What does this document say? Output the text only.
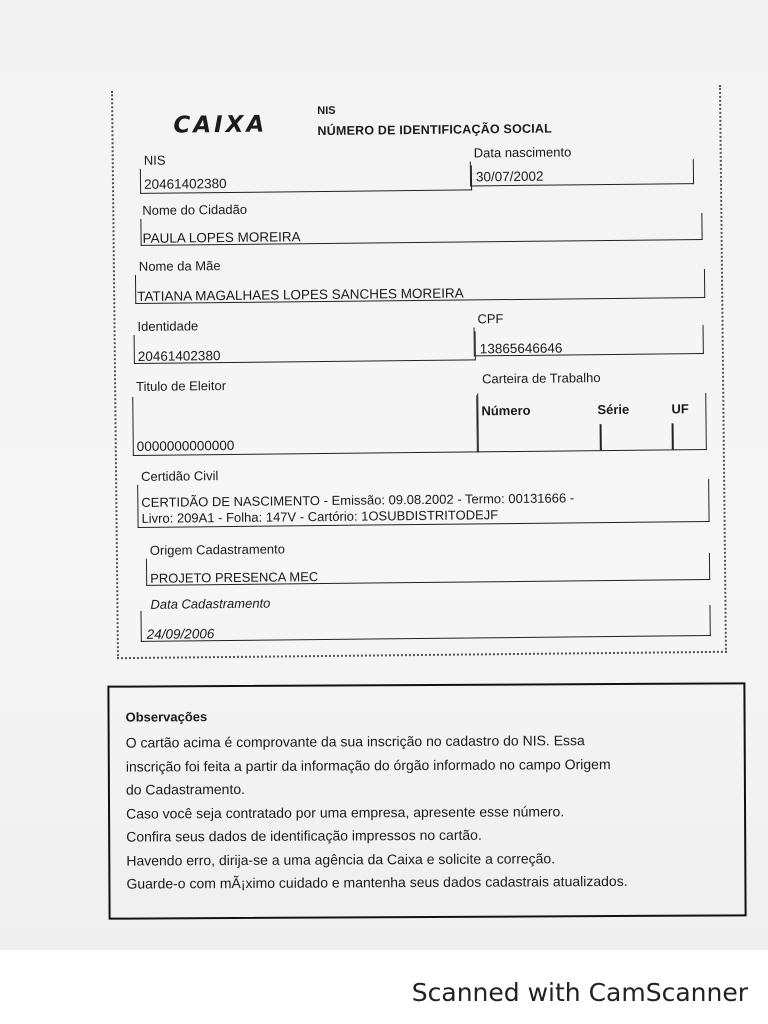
CAIXA
NIS
NÚMERO DE IDENTIFICAÇÃO SOCIAL
NIS
20461402380
Data nascimento
30/07/2002
Nome do Cidadão
PAULA LOPES MOREIRA
Nome da Mãe
TATIANA MAGALHAES LOPES SANCHES MOREIRA
Identidade
20461402380
CPF
13865646646
Titulo de Eleitor
0000000000000
Carteira de Trabalho
Número	Série	UF
Certidão Civil
CERTIDÃO DE NASCIMENTO - Emissão: 09.08.2002 - Termo: 00131666 -
Livro: 209A1 - Folha: 147V - Cartório: 1OSUBDISTRITODEJF
Origem Cadastramento
PROJETO PRESENCA MEC
Data Cadastramento
24/09/2006
Observações
O cartão acima é comprovante da sua inscrição no cadastro do NIS. Essa
inscrição foi feita a partir da informação do órgão informado no campo Origem
do Cadastramento.
Caso você seja contratado por uma empresa, apresente esse número.
Confira seus dados de identificação impressos no cartão.
Havendo erro, dirija-se a uma agência da Caixa e solicite a correção.
Guarde-o com mÃ¡ximo cuidado e mantenha seus dados cadastrais atualizados.
Scanned with CamScanner
